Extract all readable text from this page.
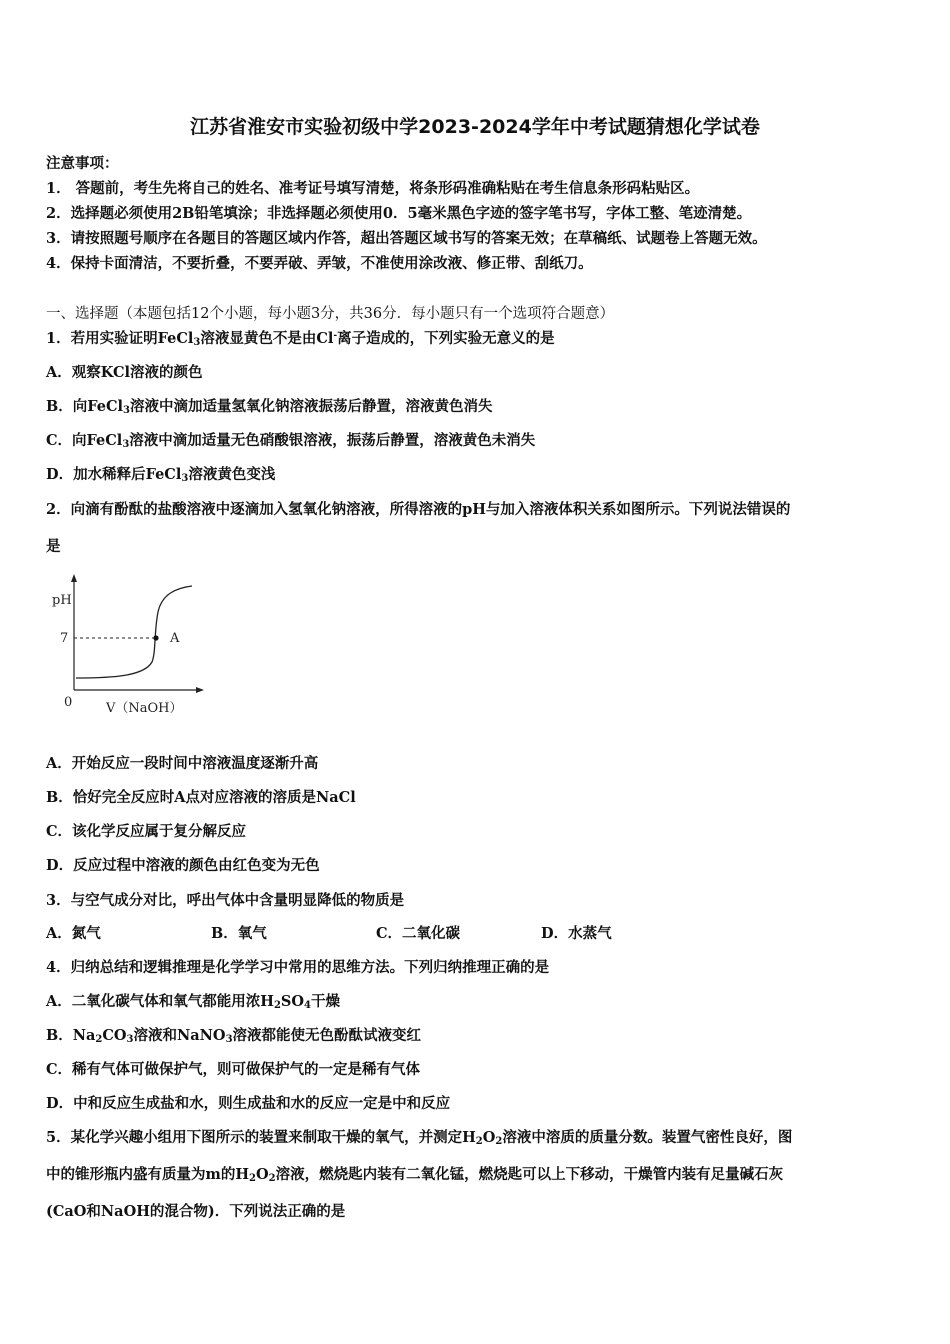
江苏省淮安市实验初级中学2023-2024学年中考试题猜想化学试卷
注意事项：
1． 答题前，考生先将自己的姓名、准考证号填写清楚，将条形码准确粘贴在考生信息条形码粘贴区。
2．选择题必须使用2B铅笔填涂；非选择题必须使用0．5毫米黑色字迹的签字笔书写，字体工整、笔迹清楚。
3．请按照题号顺序在各题目的答题区域内作答，超出答题区域书写的答案无效；在草稿纸、试题卷上答题无效。
4．保持卡面清洁，不要折叠，不要弄破、弄皱，不准使用涂改液、修正带、刮纸刀。
一、选择题（本题包括12个小题，每小题3分，共36分．每小题只有一个选项符合题意）
1．若用实验证明FeCl$_3$溶液显黄色不是由Cl-离子造成的，下列实验无意义的是
A．观察KCl溶液的颜色
B．向FeCl$_3$溶液中滴加适量氢氧化钠溶液振荡后静置，溶液黄色消失
C．向FeCl$_3$溶液中滴加适量无色硝酸银溶液，振荡后静置，溶液黄色未消失
D．加水稀释后FeCl$_3$溶液黄色变浅
2．向滴有酚酞的盐酸溶液中逐滴加入氢氧化钠溶液，所得溶液的pH与加入溶液体积关系如图所示。下列说法错误的
是
pH
7
0
A
V（NaOH）
A．开始反应一段时间中溶液温度逐渐升高
B．恰好完全反应时A点对应溶液的溶质是NaCl
C．该化学反应属于复分解反应
D．反应过程中溶液的颜色由红色变为无色
3．与空气成分对比，呼出气体中含量明显降低的物质是
A．氮气	B．氧气	C．二氧化碳	D．水蒸气
4．归纳总结和逻辑推理是化学学习中常用的思维方法。下列归纳推理正确的是
A．二氧化碳气体和氧气都能用浓$H_2SO_4$干燥
B．$Na_2CO_3$溶液和NaNO$_3$溶液都能使无色酚酞试液变红
C．稀有气体可做保护气，则可做保护气的一定是稀有气体
D．中和反应生成盐和水，则生成盐和水的反应一定是中和反应
5．某化学兴趣小组用下图所示的装置来制取干燥的氧气，并测定$H_2O_2$溶液中溶质的质量分数。装置气密性良好，图
中的锥形瓶内盛有质量为m的$H_2O_2$溶液，燃烧匙内装有二氧化锰，燃烧匙可以上下移动，干燥管内装有足量碱石灰
(CaO和NaOH的混合物)．下列说法正确的是
